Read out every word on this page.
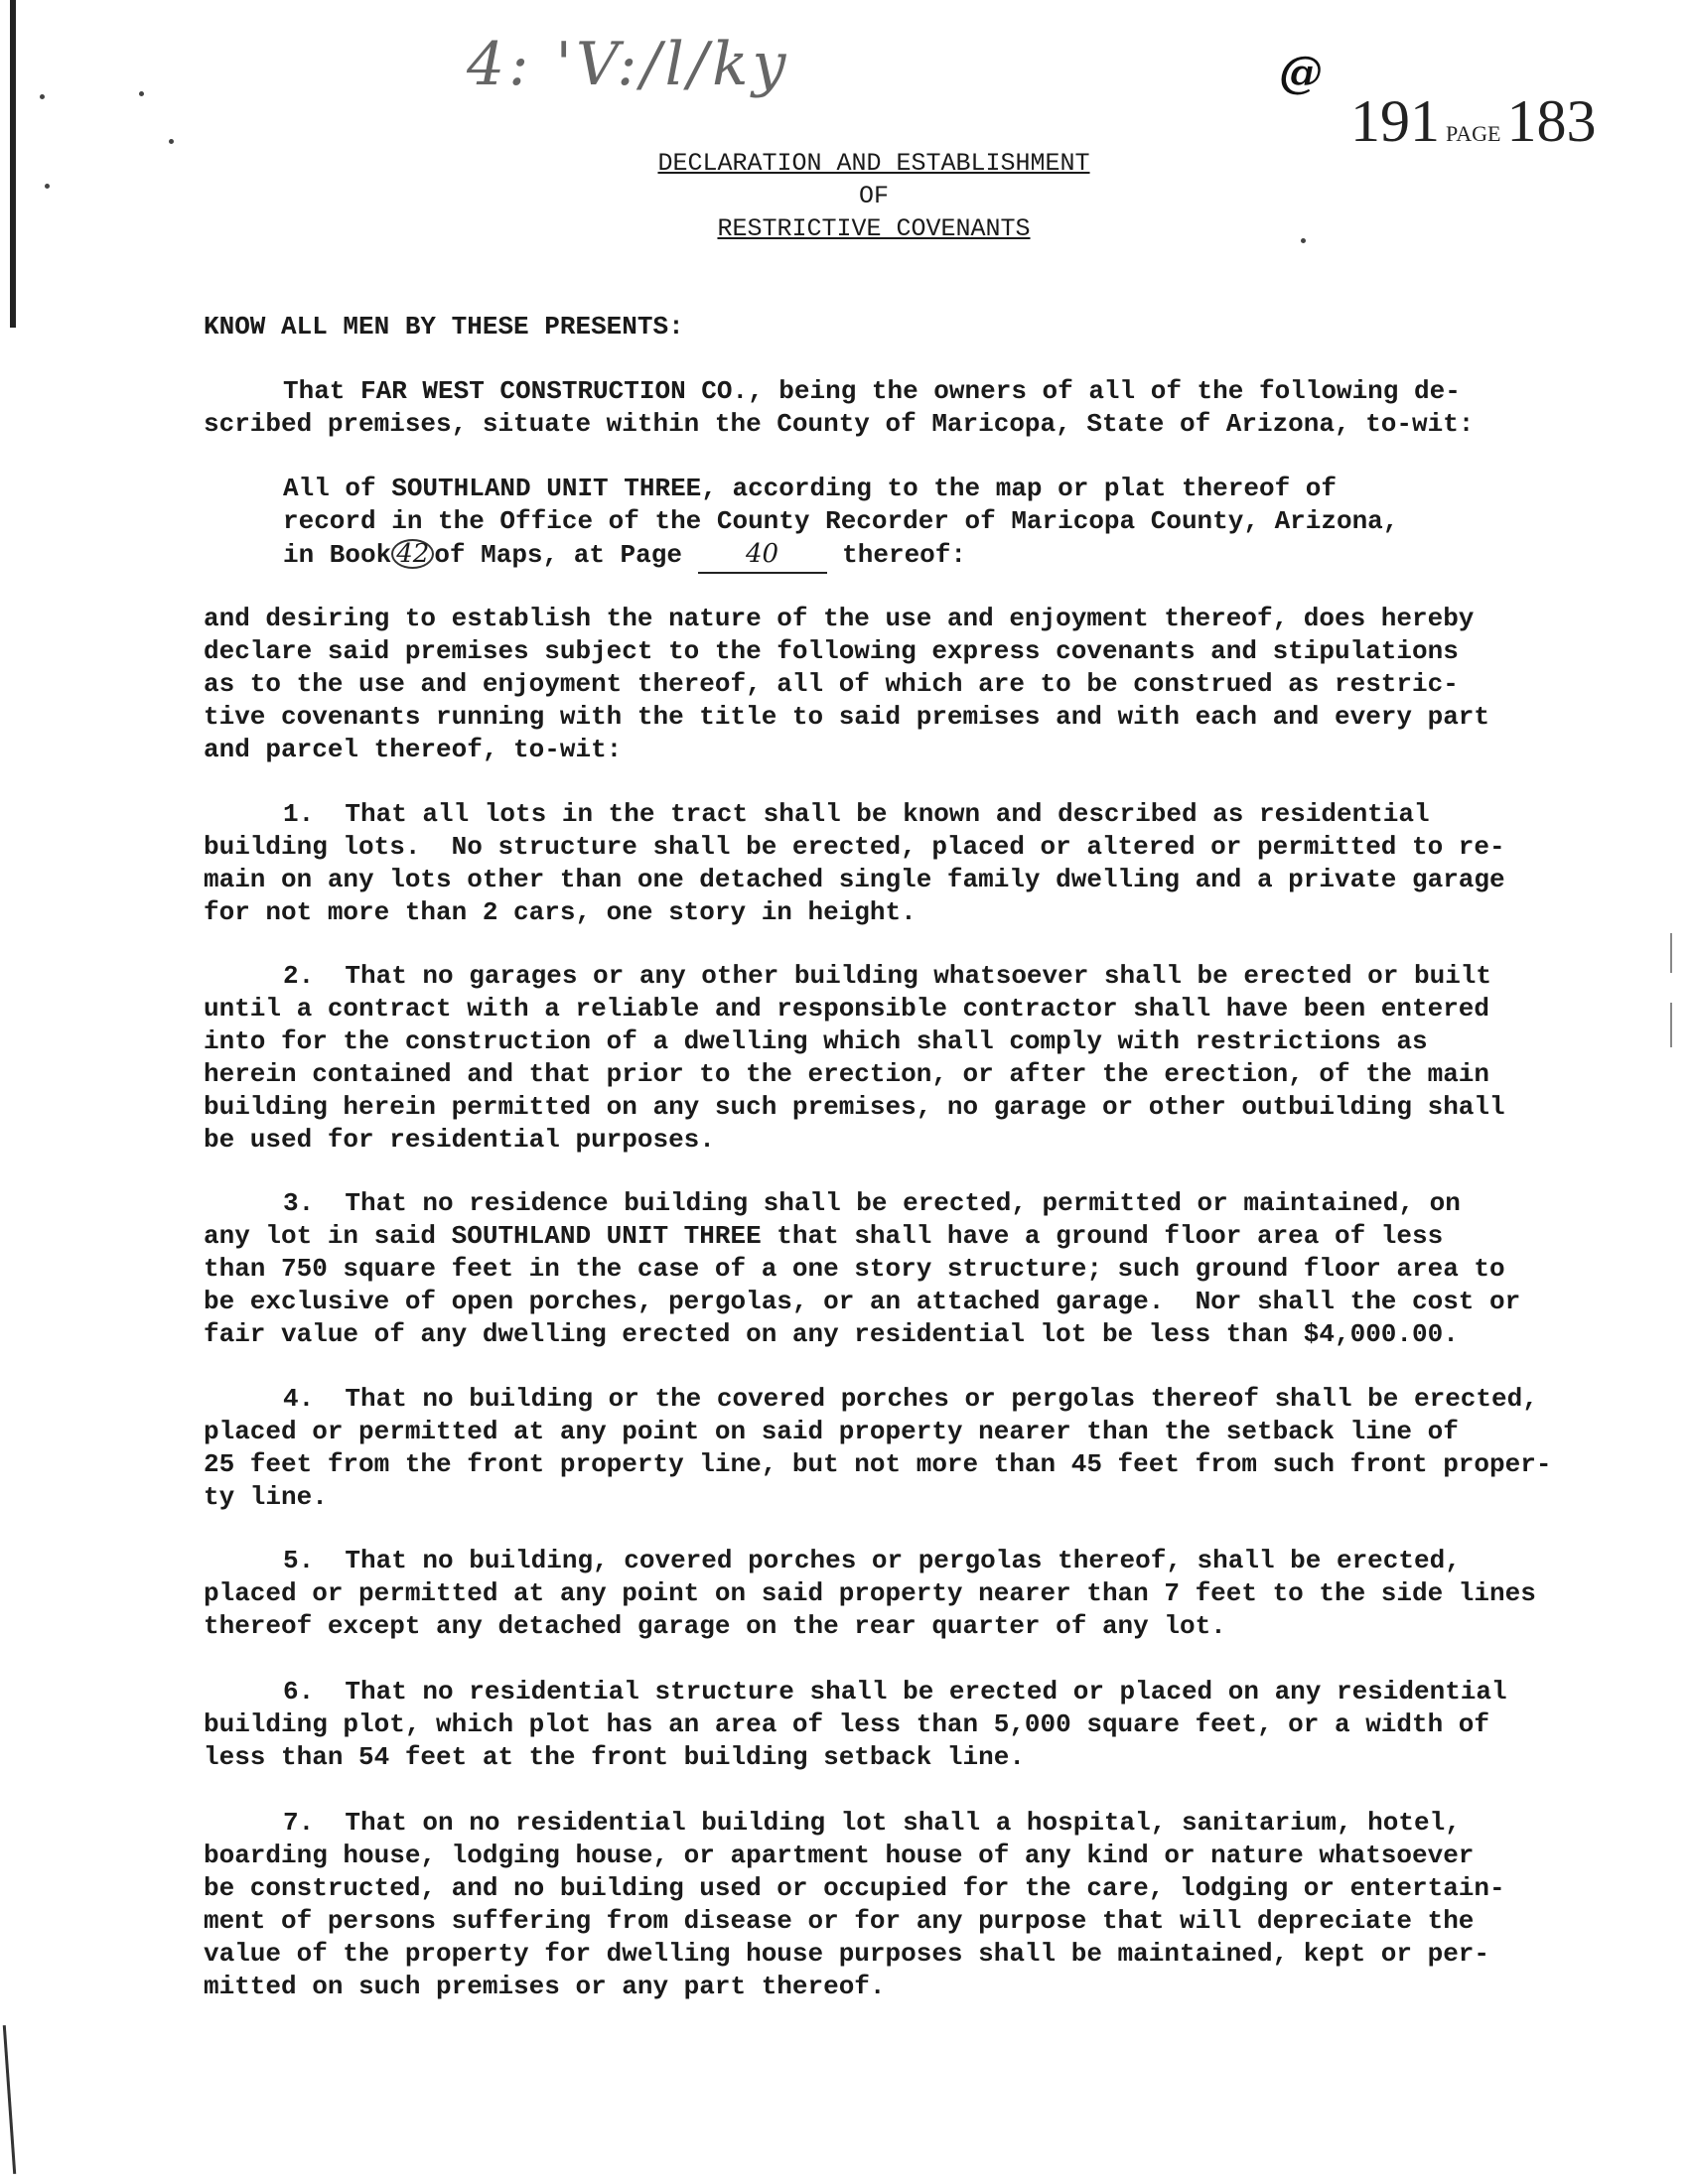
4: 'V:/l/ky	@
191 PAGE 183
DECLARATION AND ESTABLISHMENT
OF
RESTRICTIVE COVENANTS
KNOW ALL MEN BY THESE PRESENTS:
That FAR WEST CONSTRUCTION CO., being the owners of all of the following de-
scribed premises, situate within the County of Maricopa, State of Arizona, to-wit:
All of SOUTHLAND UNIT THREE, according to the map or plat thereof of
record in the Office of the County Recorder of Maricopa County, Arizona,
in Book 42 of Maps, at Page 40 thereof:
and desiring to establish the nature of the use and enjoyment thereof, does hereby
declare said premises subject to the following express covenants and stipulations
as to the use and enjoyment thereof, all of which are to be construed as restric-
tive covenants running with the title to said premises and with each and every part
and parcel thereof, to-wit:
1.  That all lots in the tract shall be known and described as residential
building lots.  No structure shall be erected, placed or altered or permitted to re-
main on any lots other than one detached single family dwelling and a private garage
for not more than 2 cars, one story in height.
2.  That no garages or any other building whatsoever shall be erected or built
until a contract with a reliable and responsible contractor shall have been entered
into for the construction of a dwelling which shall comply with restrictions as
herein contained and that prior to the erection, or after the erection, of the main
building herein permitted on any such premises, no garage or other outbuilding shall
be used for residential purposes.
3.  That no residence building shall be erected, permitted or maintained, on
any lot in said SOUTHLAND UNIT THREE that shall have a ground floor area of less
than 750 square feet in the case of a one story structure; such ground floor area to
be exclusive of open porches, pergolas, or an attached garage.  Nor shall the cost or
fair value of any dwelling erected on any residential lot be less than $4,000.00.
4.  That no building or the covered porches or pergolas thereof shall be erected,
placed or permitted at any point on said property nearer than the setback line of
25 feet from the front property line, but not more than 45 feet from such front proper-
ty line.
5.  That no building, covered porches or pergolas thereof, shall be erected,
placed or permitted at any point on said property nearer than 7 feet to the side lines
thereof except any detached garage on the rear quarter of any lot.
6.  That no residential structure shall be erected or placed on any residential
building plot, which plot has an area of less than 5,000 square feet, or a width of
less than 54 feet at the front building setback line.
7.  That on no residential building lot shall a hospital, sanitarium, hotel,
boarding house, lodging house, or apartment house of any kind or nature whatsoever
be constructed, and no building used or occupied for the care, lodging or entertain-
ment of persons suffering from disease or for any purpose that will depreciate the
value of the property for dwelling house purposes shall be maintained, kept or per-
mitted on such premises or any part thereof.
